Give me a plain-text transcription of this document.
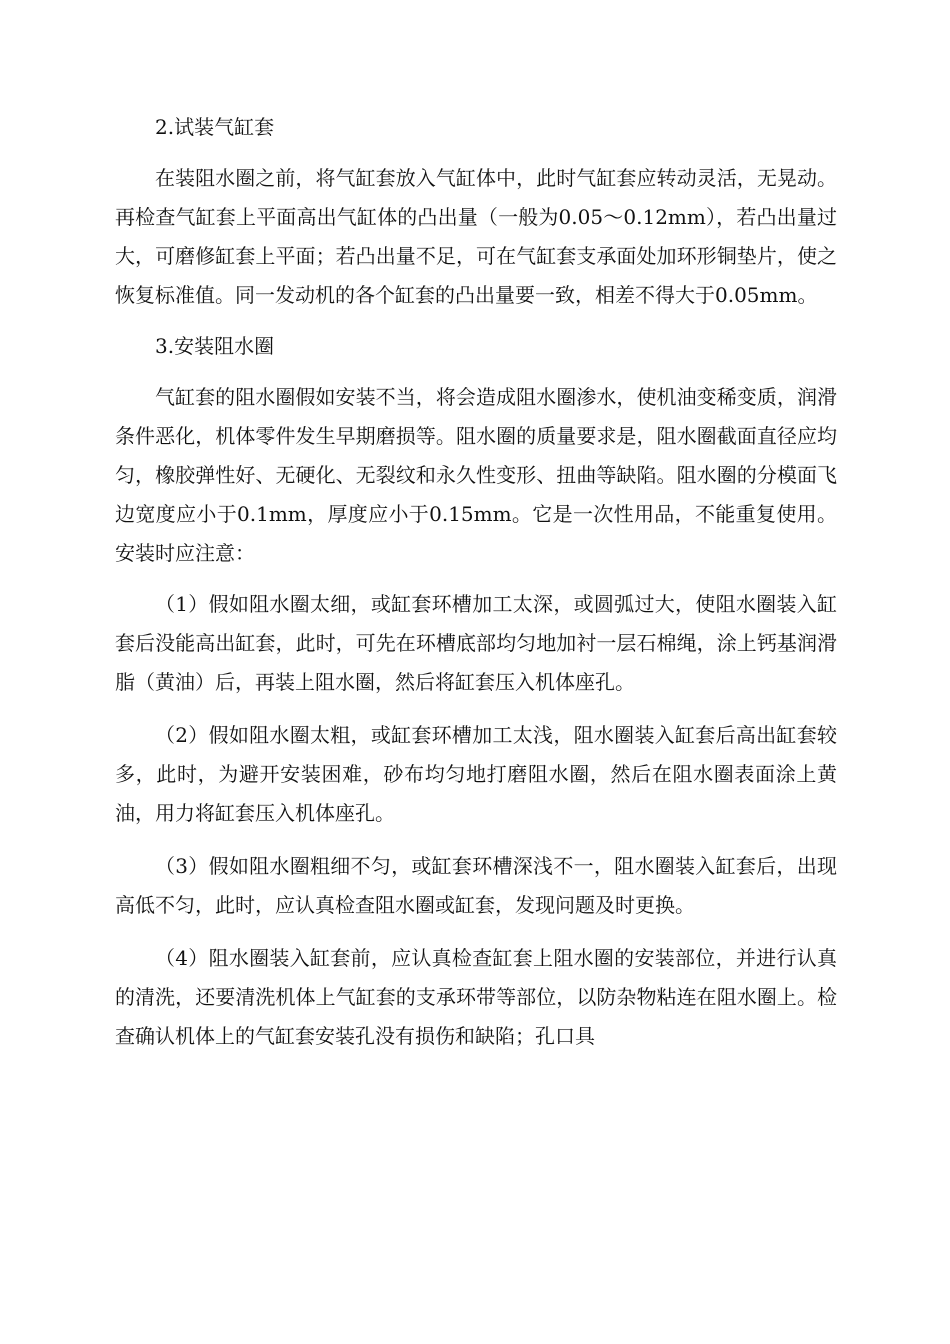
2.试装气缸套

在装阻水圈之前，将气缸套放入气缸体中，此时气缸套应转动灵活，无晃动。再检查气缸套上平面高出气缸体的凸出量（一般为0.05～0.12mm），若凸出量过大，可磨修缸套上平面；若凸出量不足，可在气缸套支承面处加环形铜垫片，使之恢复标准值。同一发动机的各个缸套的凸出量要一致，相差不得大于0.05mm。

3.安装阻水圈

气缸套的阻水圈假如安装不当，将会造成阻水圈渗水，使机油变稀变质，润滑条件恶化，机体零件发生早期磨损等。阻水圈的质量要求是，阻水圈截面直径应均匀，橡胶弹性好、无硬化、无裂纹和永久性变形、扭曲等缺陷。阻水圈的分模面飞边宽度应小于0.1mm，厚度应小于0.15mm。它是一次性用品，不能重复使用。安装时应注意：

（1）假如阻水圈太细，或缸套环槽加工太深，或圆弧过大，使阻水圈装入缸套后没能高出缸套，此时，可先在环槽底部均匀地加衬一层石棉绳，涂上钙基润滑脂（黄油）后，再装上阻水圈，然后将缸套压入机体座孔。

（2）假如阻水圈太粗，或缸套环槽加工太浅，阻水圈装入缸套后高出缸套较多，此时，为避开安装困难，砂布均匀地打磨阻水圈，然后在阻水圈表面涂上黄油，用力将缸套压入机体座孔。

（3）假如阻水圈粗细不匀，或缸套环槽深浅不一，阻水圈装入缸套后，出现高低不匀，此时，应认真检查阻水圈或缸套，发现问题及时更换。

（4）阻水圈装入缸套前，应认真检查缸套上阻水圈的安装部位，并进行认真的清洗，还要清洗机体上气缸套的支承环带等部位，以防杂物粘连在阻水圈上。检查确认机体上的气缸套安装孔没有损伤和缺陷；孔口具
